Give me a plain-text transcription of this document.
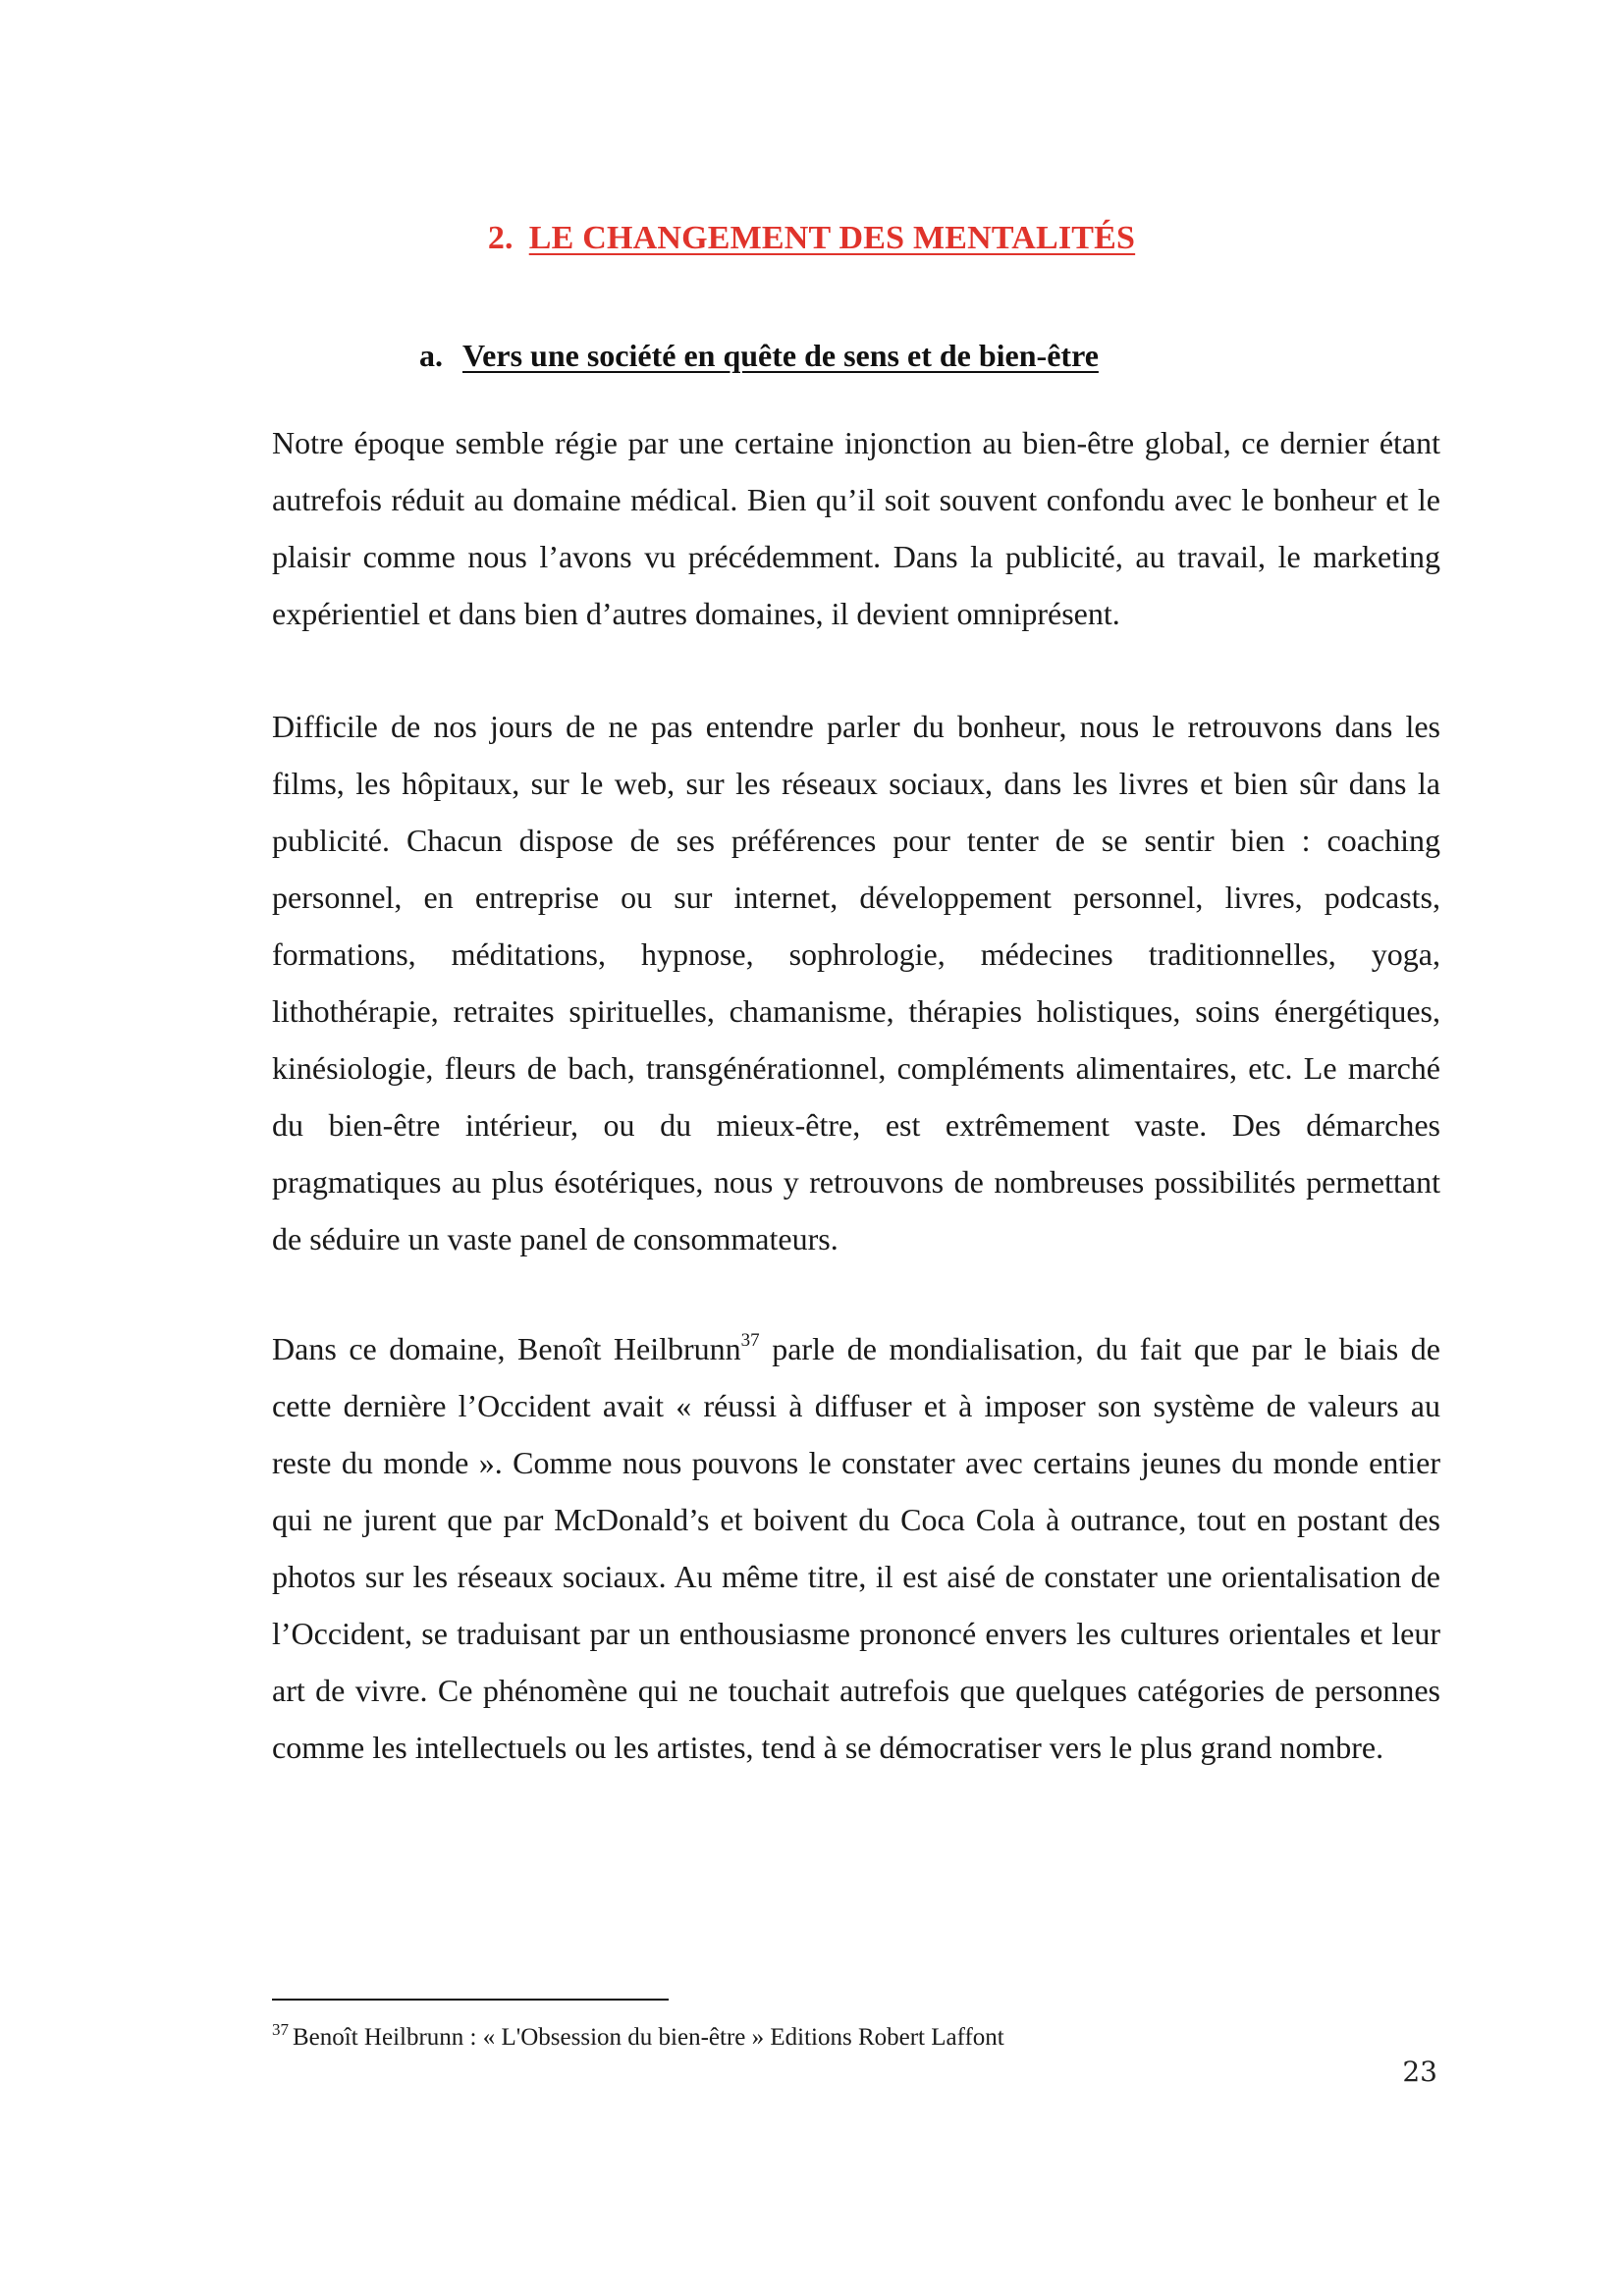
2. LE CHANGEMENT DES MENTALITÉS
a. Vers une société en quête de sens et de bien-être

Notre époque semble régie par une certaine injonction au bien-être global, ce dernier étant autrefois réduit au domaine médical. Bien qu’il soit souvent confondu avec le bonheur et le plaisir comme nous l’avons vu précédemment. Dans la publicité, au travail, le marketing expérientiel et dans bien d’autres domaines, il devient omniprésent.

Difficile de nos jours de ne pas entendre parler du bonheur, nous le retrouvons dans les films, les hôpitaux, sur le web, sur les réseaux sociaux, dans les livres et bien sûr dans la publicité. Chacun dispose de ses préférences pour tenter de se sentir bien : coaching personnel, en entreprise ou sur internet, développement personnel, livres, podcasts, formations, méditations, hypnose, sophrologie, médecines traditionnelles, yoga, lithothérapie, retraites spirituelles, chamanisme, thérapies holistiques, soins énergétiques, kinésiologie, fleurs de bach, transgénérationnel, compléments alimentaires, etc. Le marché du bien-être intérieur, ou du mieux-être, est extrêmement vaste. Des démarches pragmatiques au plus ésotériques, nous y retrouvons de nombreuses possibilités permettant de séduire un vaste panel de consommateurs.

Dans ce domaine, Benoît Heilbrunn$^{37}$ parle de mondialisation, du fait que par le biais de cette dernière l’Occident avait « réussi à diffuser et à imposer son système de valeurs au reste du monde ». Comme nous pouvons le constater avec certains jeunes du monde entier qui ne jurent que par McDonald’s et boivent du Coca Cola à outrance, tout en postant des photos sur les réseaux sociaux. Au même titre, il est aisé de constater une orientalisation de l’Occident, se traduisant par un enthousiasme prononcé envers les cultures orientales et leur art de vivre. Ce phénomène qui ne touchait autrefois que quelques catégories de personnes comme les intellectuels ou les artistes, tend à se démocratiser vers le plus grand nombre.

$^{37}$ Benoît Heilbrunn : « L'Obsession du bien-être » Editions Robert Laffont
23
